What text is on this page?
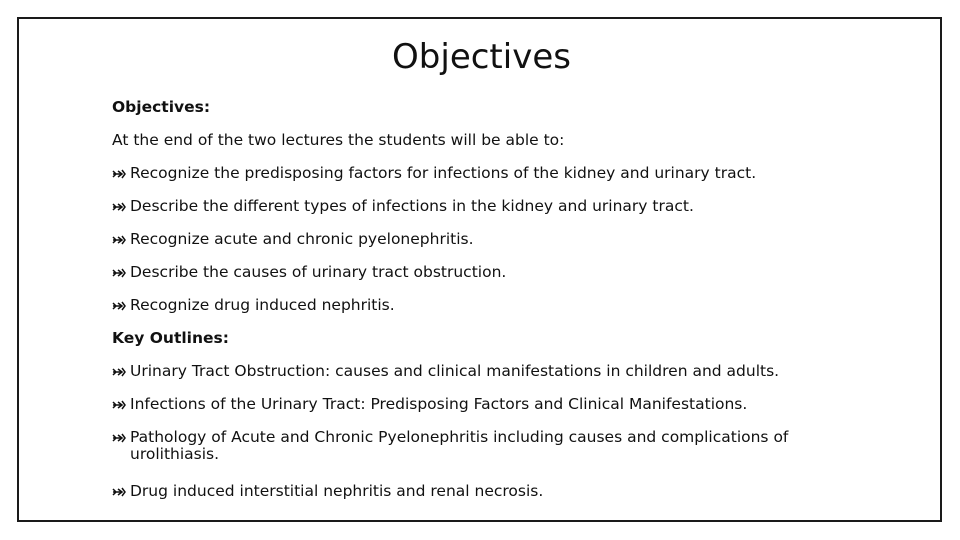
Objectives
Objectives:
At the end of the two lectures the students will be able to:
Recognize the predisposing factors for infections of the kidney and urinary tract.
Describe the different types of infections in the kidney and urinary tract.
Recognize acute and chronic pyelonephritis.
Describe the causes of urinary tract obstruction.
Recognize drug induced nephritis.
Key Outlines:
Urinary Tract Obstruction: causes and clinical manifestations in children and adults.
Infections of the Urinary Tract: Predisposing Factors and Clinical Manifestations.
Pathology of Acute and Chronic Pyelonephritis including causes and complications of urolithiasis.
Drug induced interstitial nephritis and renal necrosis.
